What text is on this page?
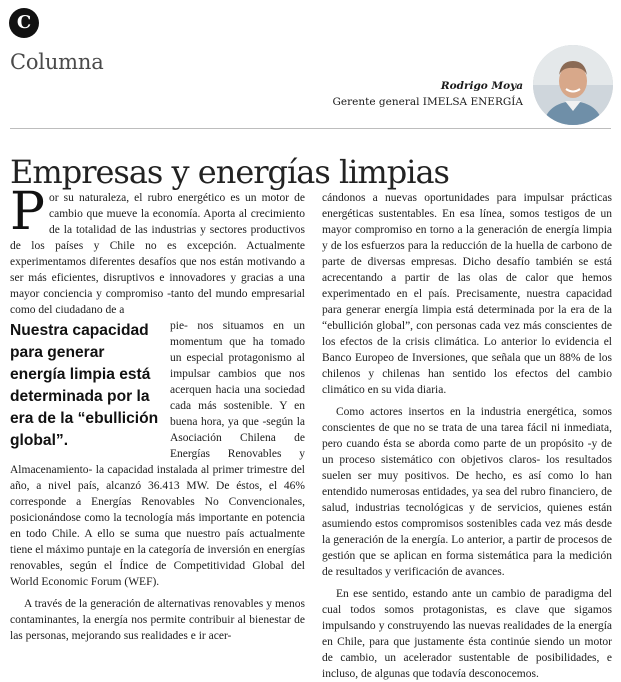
C
Columna
Rodrigo Moya
Gerente general IMELSA ENERGÍA
Empresas y energías limpias

Por su naturaleza, el rubro energético es un motor de cambio que mueve la economía. Aporta al crecimiento de la totalidad de las industrias y sectores productivos de los países y Chile no es excepción. Actualmente experimentamos diferentes desafíos que nos están motivando a ser más eficientes, disruptivos e innovadores y gracias a una mayor conciencia y compromiso -tanto del mundo empresarial como del ciudadano de a

Nuestra capacidad para generar energía limpia está determinada por la era de la “ebullición global”.
pie- nos situamos en un momentum que ha tomado un especial protagonismo al impulsar cambios que nos acerquen hacia una sociedad cada más sostenible. Y en buena hora, ya que -según la Asociación Chilena de Energías Renovables y Almacenamiento- la capacidad instalada al primer trimestre del año, a nivel país, alcanzó 36.413 MW. De éstos, el 46% corresponde a Energías Renovables No Convencionales, posicionándose como la tecnología más importante en potencia en todo Chile. A ello se suma que nuestro país actualmente tiene el máximo puntaje en la categoría de inversión en energías renovables, según el Índice de Competitividad Global del World Economic Forum (WEF).

A través de la generación de alternativas renovables y menos contaminantes, la energía nos permite contribuir al bienestar de las personas, mejorando sus realidades e ir acer-

cándonos a nuevas oportunidades para impulsar prácticas energéticas sustentables. En esa línea, somos testigos de un mayor compromiso en torno a la generación de energía limpia y de los esfuerzos para la reducción de la huella de carbono de parte de diversas empresas. Dicho desafío también se está acrecentando a partir de las olas de calor que hemos experimentado en el país. Precisamente, nuestra capacidad para generar energía limpia está determinada por la era de la “ebullición global”, con personas cada vez más conscientes de los efectos de la crisis climática. Lo anterior lo evidencia el Banco Europeo de Inversiones, que señala que un 88% de los chilenos y chilenas han sentido los efectos del cambio climático en su vida diaria.

Como actores insertos en la industria energética, somos conscientes de que no se trata de una tarea fácil ni inmediata, pero cuando ésta se aborda como parte de un propósito -y de un proceso sistemático con objetivos claros- los resultados suelen ser muy positivos. De hecho, es así como lo han entendido numerosas entidades, ya sea del rubro financiero, de salud, industrias tecnológicas y de servicios, quienes están asumiendo estos compromisos sostenibles cada vez más desde la generación de la energía. Lo anterior, a partir de procesos de gestión que se aplican en forma sistemática para la medición de resultados y verificación de avances.

En ese sentido, estando ante un cambio de paradigma del cual todos somos protagonistas, es clave que sigamos impulsando y construyendo las nuevas realidades de la energía en Chile, para que justamente ésta continúe siendo un motor de cambio, un acelerador sustentable de posibilidades, e incluso, de algunas que todavía desconocemos.
